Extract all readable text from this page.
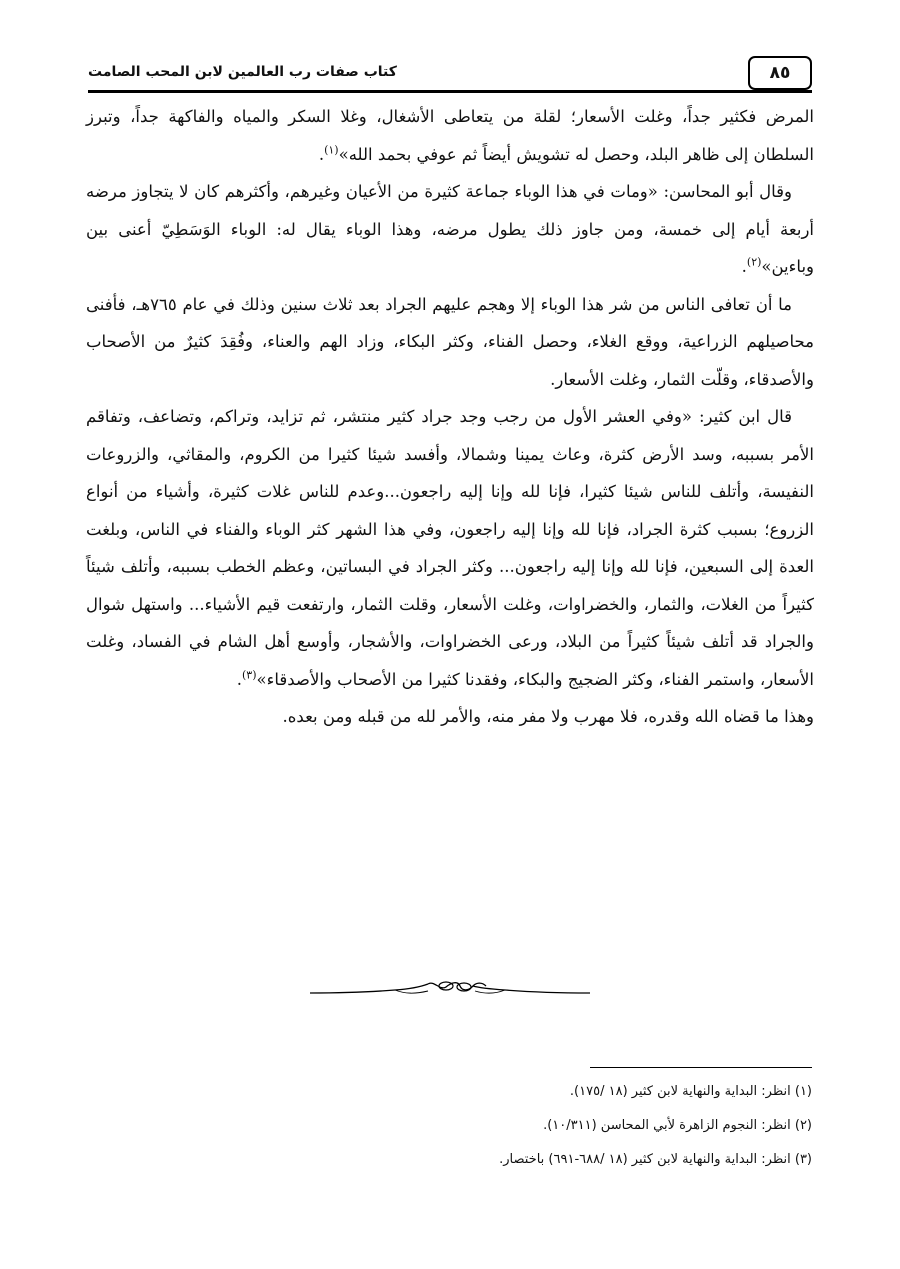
٨٥
كتاب صفات رب العالمين لابن المحب الصامت

المرض فكثير جداً، وغلت الأسعار؛ لقلة من يتعاطى الأشغال، وغلا السكر والمياه والفاكهة جداً، وتبرز السلطان إلى ظاهر البلد، وحصل له تشويش أيضاً ثم عوفي بحمد الله»$^{(١)}$.

وقال أبو المحاسن: «ومات في هذا الوباء جماعة كثيرة من الأعيان وغيرهم، وأكثرهم كان لا يتجاوز مرضه أربعة أيام إلى خمسة، ومن جاوز ذلك يطول مرضه، وهذا الوباء يقال له: الوباء الوَسَطِيّ أعنى بين وباءين»$^{(٢)}$.

ما أن تعافى الناس من شر هذا الوباء إلا وهجم عليهم الجراد بعد ثلاث سنين وذلك في عام ٧٦٥هـ، فأفنى محاصيلهم الزراعية، ووقع الغلاء، وحصل الفناء، وكثر البكاء، وزاد الهم والعناء، وفُقِدَ كثيرٌ من الأصحاب والأصدقاء، وقلّت الثمار، وغلت الأسعار.

قال ابن كثير: «وفي العشر الأول من رجب وجد جراد كثير منتشر، ثم تزايد، وتراكم، وتضاعف، وتفاقم الأمر بسببه، وسد الأرض كثرة، وعاث يمينا وشمالا، وأفسد شيئا كثيرا من الكروم، والمقاثي، والزروعات النفيسة، وأتلف للناس شيئا كثيرا، فإنا لله وإنا إليه راجعون...وعدم للناس غلات كثيرة، وأشياء من أنواع الزروع؛ بسبب كثرة الجراد، فإنا لله وإنا إليه راجعون، وفي هذا الشهر كثر الوباء والفناء في الناس، وبلغت العدة إلى السبعين، فإنا لله وإنا إليه راجعون... وكثر الجراد في البساتين، وعظم الخطب بسببه، وأتلف شيئاً كثيراً من الغلات، والثمار، والخضراوات، وغلت الأسعار، وقلت الثمار، وارتفعت قيم الأشياء... واستهل شوال والجراد قد أتلف شيئاً كثيراً من البلاد، ورعى الخضراوات، والأشجار، وأوسع أهل الشام في الفساد، وغلت الأسعار، واستمر الفناء، وكثر الضجيج والبكاء، وفقدنا كثيرا من الأصحاب والأصدقاء»$^{(٣)}$.

وهذا ما قضاه الله وقدره، فلا مهرب ولا مفر منه، والأمر لله من قبله ومن بعده.

(١) انظر: البداية والنهاية لابن كثير (١٨ /١٧٥).
(٢) انظر: النجوم الزاهرة لأبي المحاسن (١٠/٣١١).
(٣) انظر: البداية والنهاية لابن كثير (١٨ /٦٨٨-٦٩١) باختصار.
